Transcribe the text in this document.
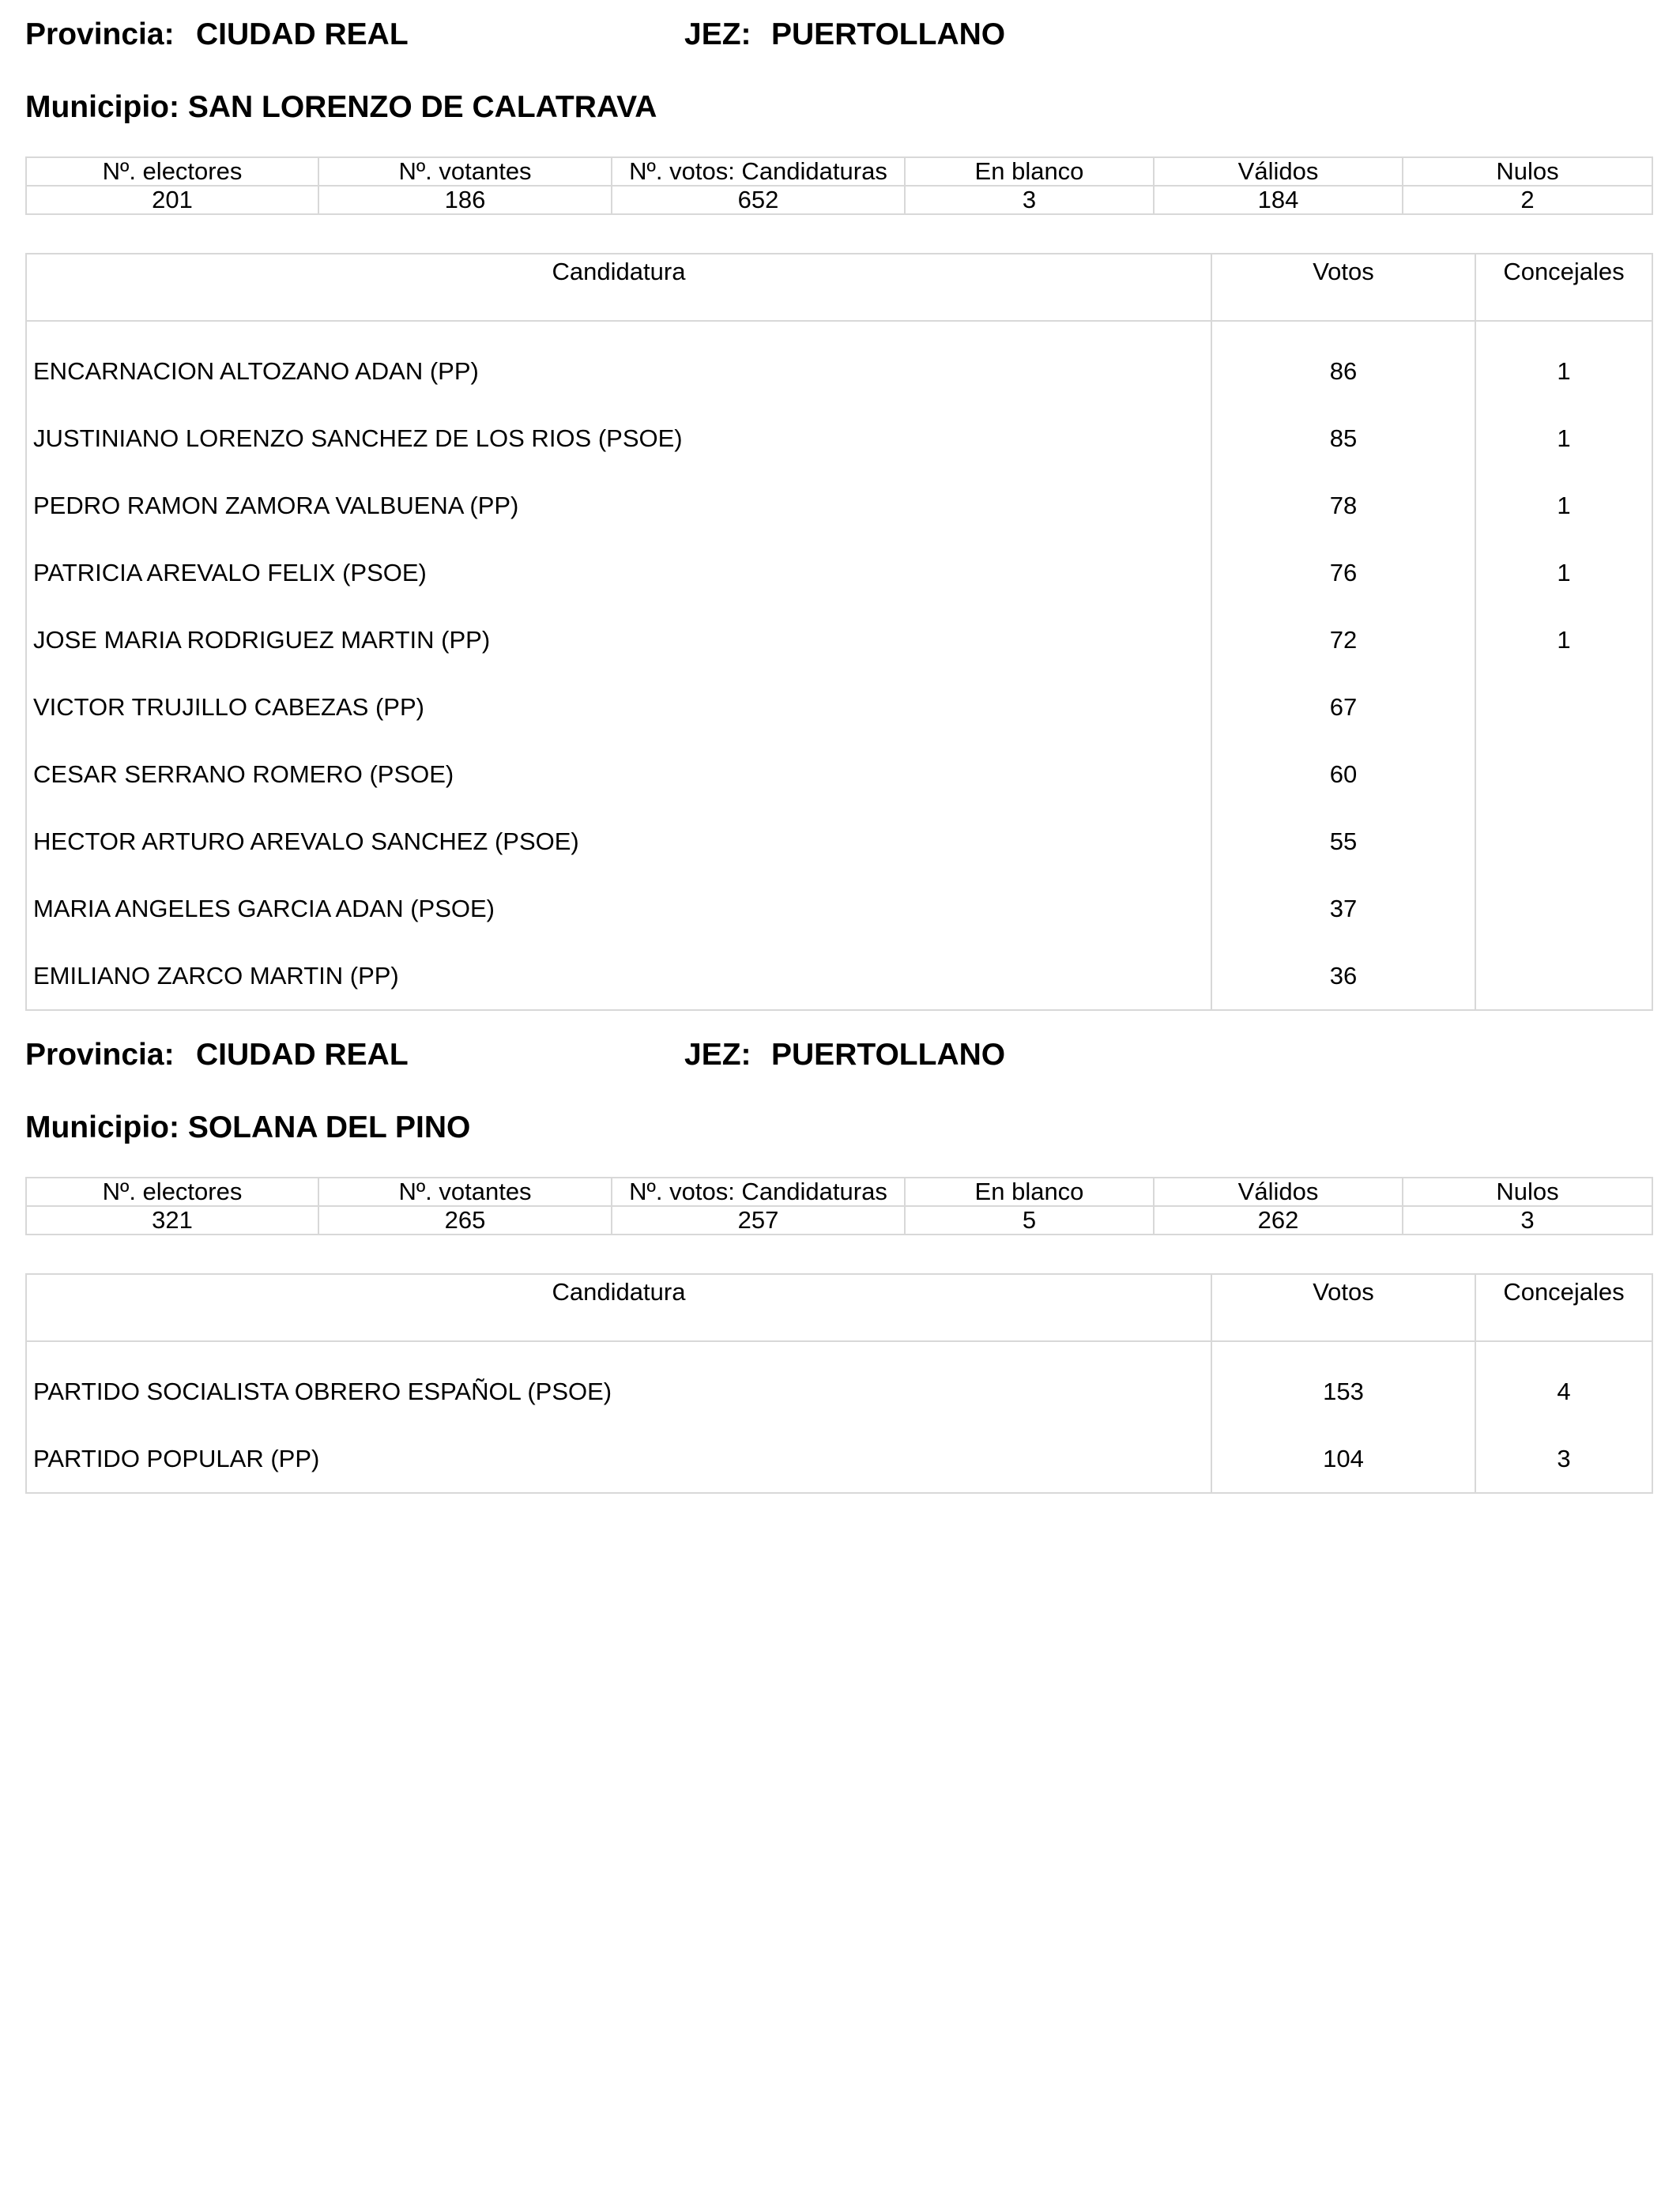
Provincia: CIUDAD REAL	JEZ: PUERTOLLANO
Municipio: SAN LORENZO DE CALATRAVA
Nº. electores	Nº. votantes	Nº. votos: Candidaturas	En blanco	Válidos	Nulos
201	186	652	3	184	2
Candidatura	Votos	Concejales
ENCARNACION ALTOZANO ADAN (PP)	86	1
JUSTINIANO LORENZO SANCHEZ DE LOS RIOS (PSOE)	85	1
PEDRO RAMON ZAMORA VALBUENA (PP)	78	1
PATRICIA AREVALO FELIX (PSOE)	76	1
JOSE MARIA RODRIGUEZ MARTIN (PP)	72	1
VICTOR TRUJILLO CABEZAS (PP)	67	
CESAR SERRANO ROMERO (PSOE)	60	
HECTOR ARTURO AREVALO SANCHEZ (PSOE)	55	
MARIA ANGELES GARCIA ADAN (PSOE)	37	
EMILIANO ZARCO MARTIN (PP)	36	
Provincia: CIUDAD REAL	JEZ: PUERTOLLANO
Municipio: SOLANA DEL PINO
Nº. electores	Nº. votantes	Nº. votos: Candidaturas	En blanco	Válidos	Nulos
321	265	257	5	262	3
Candidatura	Votos	Concejales
PARTIDO SOCIALISTA OBRERO ESPAÑOL (PSOE)	153	4
PARTIDO POPULAR (PP)	104	3
